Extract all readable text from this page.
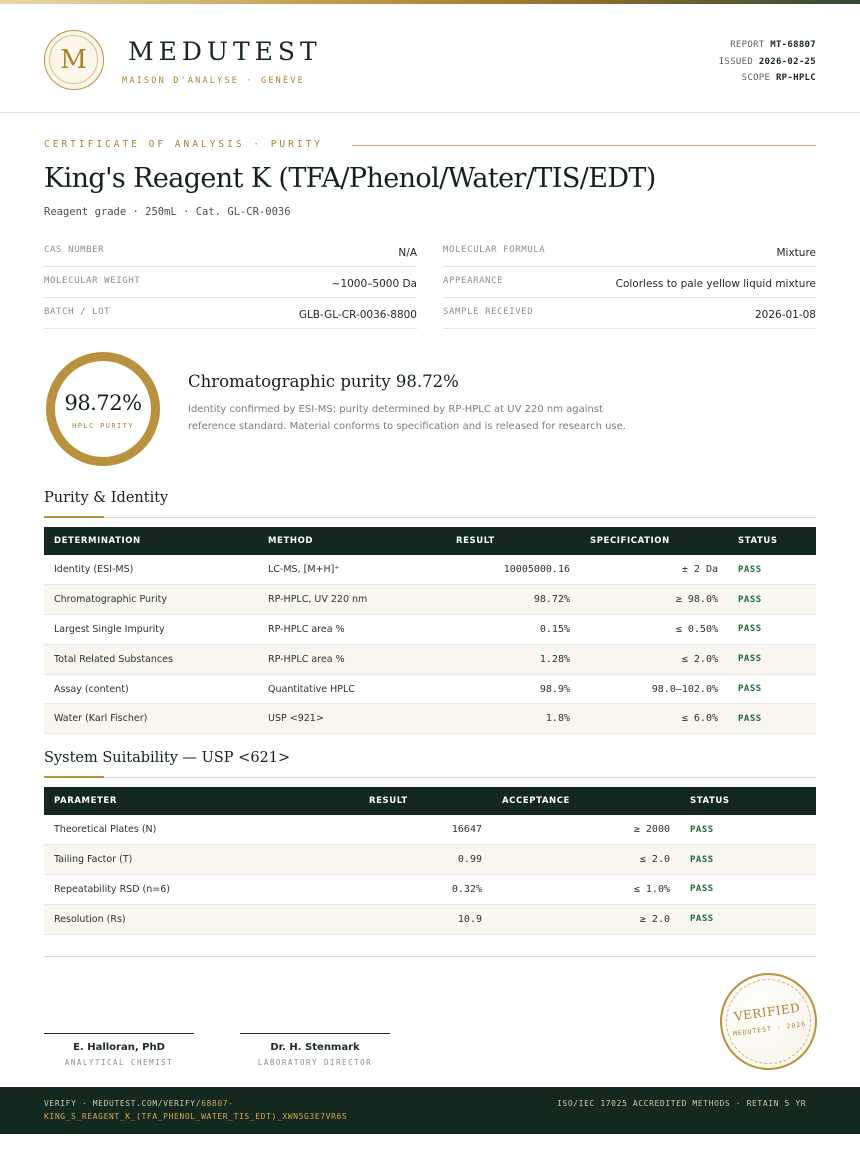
M	MEDUTEST
MAISON D'ANALYSE · GENÈVE
REPORT MT-68807
ISSUED 2026-02-25
SCOPE RP-HPLC
CERTIFICATE OF ANALYSIS · PURITY
King's Reagent K (TFA/Phenol/Water/TIS/EDT)
Reagent grade · 250mL · Cat. GL-CR-0036
CAS NUMBER	N/A	MOLECULAR FORMULA	Mixture
MOLECULAR WEIGHT	~1000–5000 Da	APPEARANCE	Colorless to pale yellow liquid mixture
BATCH / LOT	GLB-GL-CR-0036-8800	SAMPLE RECEIVED	2026-01-08
98.72%
HPLC PURITY
Chromatographic purity 98.72%
Identity confirmed by ESI-MS; purity determined by RP-HPLC at UV 220 nm against reference standard. Material conforms to specification and is released for research use.
Purity & Identity
DETERMINATION	METHOD	RESULT	SPECIFICATION	STATUS
Identity (ESI-MS)	LC-MS, [M+H]⁺	10005000.16	± 2 Da	PASS
Chromatographic Purity	RP-HPLC, UV 220 nm	98.72%	≥ 98.0%	PASS
Largest Single Impurity	RP-HPLC area %	0.15%	≤ 0.50%	PASS
Total Related Substances	RP-HPLC area %	1.28%	≤ 2.0%	PASS
Assay (content)	Quantitative HPLC	98.9%	98.0–102.0%	PASS
Water (Karl Fischer)	USP <921>	1.8%	≤ 6.0%	PASS
System Suitability — USP <621>
PARAMETER	RESULT	ACCEPTANCE	STATUS
Theoretical Plates (N)	16647	≥ 2000	PASS
Tailing Factor (T)	0.99	≤ 2.0	PASS
Repeatability RSD (n=6)	0.32%	≤ 1.0%	PASS
Resolution (Rs)	10.9	≥ 2.0	PASS
E. Halloran, PhD
ANALYTICAL CHEMIST
Dr. H. Stenmark
LABORATORY DIRECTOR
VERIFIED
MEDUTEST · 2026
VERIFY · MEDUTEST.COM/VERIFY/68807-KING_S_REAGENT_K_(TFA_PHENOL_WATER_TIS_EDT)_XWN5G3E7VR6S
ISO/IEC 17025 ACCREDITED METHODS · RETAIN 5 YR
